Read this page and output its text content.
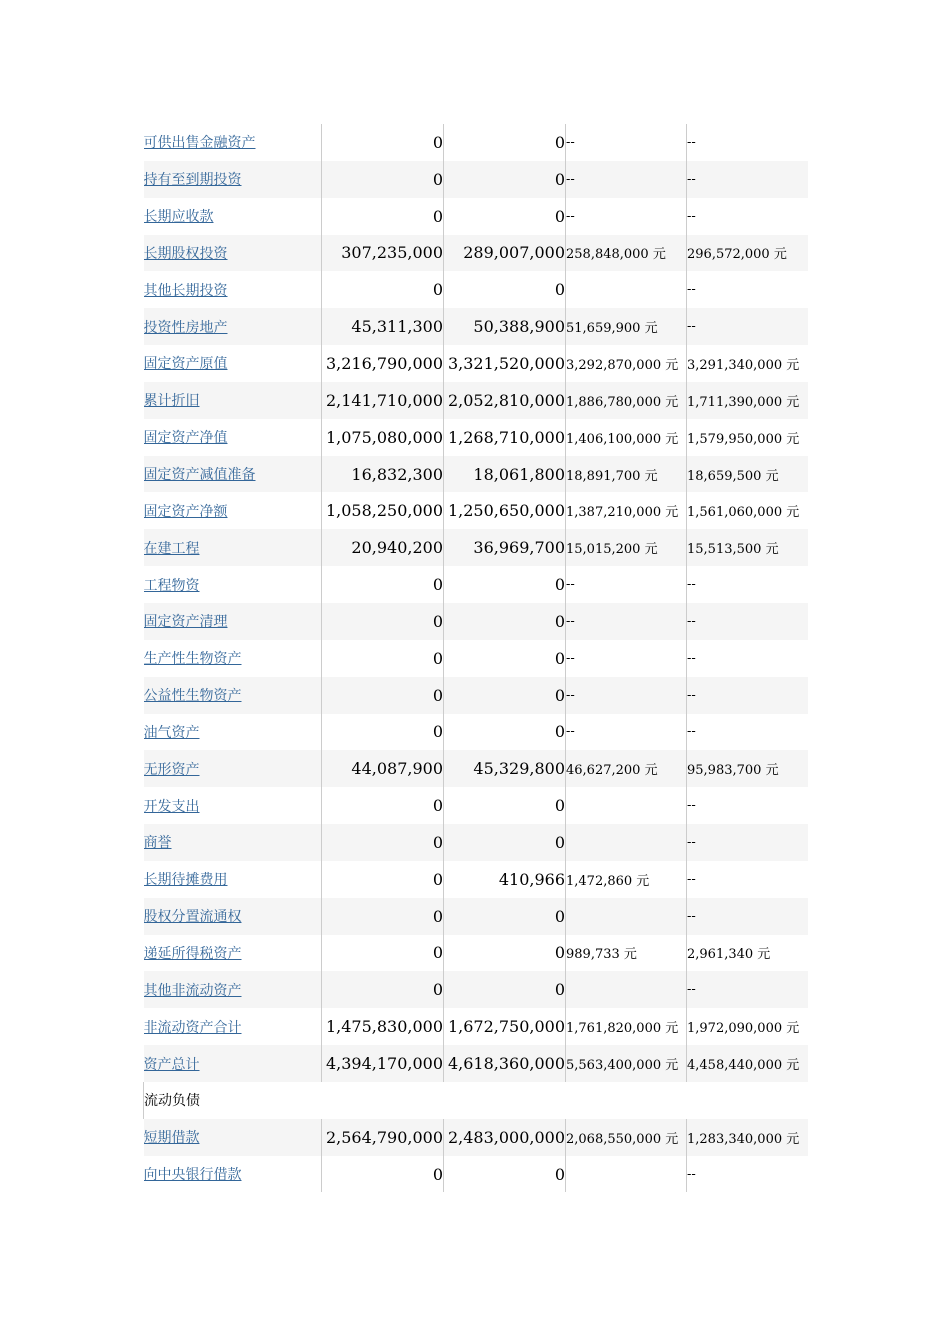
可供出售金融资产	0	0	--	--
持有至到期投资	0	0	--	--
长期应收款	0	0	--	--
长期股权投资	307,235,000	289,007,000	258,848,000 元	296,572,000 元
其他长期投资	0	0		--
投资性房地产	45,311,300	50,388,900	51,659,900 元	--
固定资产原值	3,216,790,000	3,321,520,000	3,292,870,000 元	3,291,340,000 元
累计折旧	2,141,710,000	2,052,810,000	1,886,780,000 元	1,711,390,000 元
固定资产净值	1,075,080,000	1,268,710,000	1,406,100,000 元	1,579,950,000 元
固定资产减值准备	16,832,300	18,061,800	18,891,700 元	18,659,500 元
固定资产净额	1,058,250,000	1,250,650,000	1,387,210,000 元	1,561,060,000 元
在建工程	20,940,200	36,969,700	15,015,200 元	15,513,500 元
工程物资	0	0	--	--
固定资产清理	0	0	--	--
生产性生物资产	0	0	--	--
公益性生物资产	0	0	--	--
油气资产	0	0	--	--
无形资产	44,087,900	45,329,800	46,627,200 元	95,983,700 元
开发支出	0	0		--
商誉	0	0		--
长期待摊费用	0	410,966	1,472,860 元	--
股权分置流通权	0	0		--
递延所得税资产	0	0	989,733 元	2,961,340 元
其他非流动资产	0	0		--
非流动资产合计	1,475,830,000	1,672,750,000	1,761,820,000 元	1,972,090,000 元
资产总计	4,394,170,000	4,618,360,000	5,563,400,000 元	4,458,440,000 元
流动负债				
短期借款	2,564,790,000	2,483,000,000	2,068,550,000 元	1,283,340,000 元
向中央银行借款	0	0		--
